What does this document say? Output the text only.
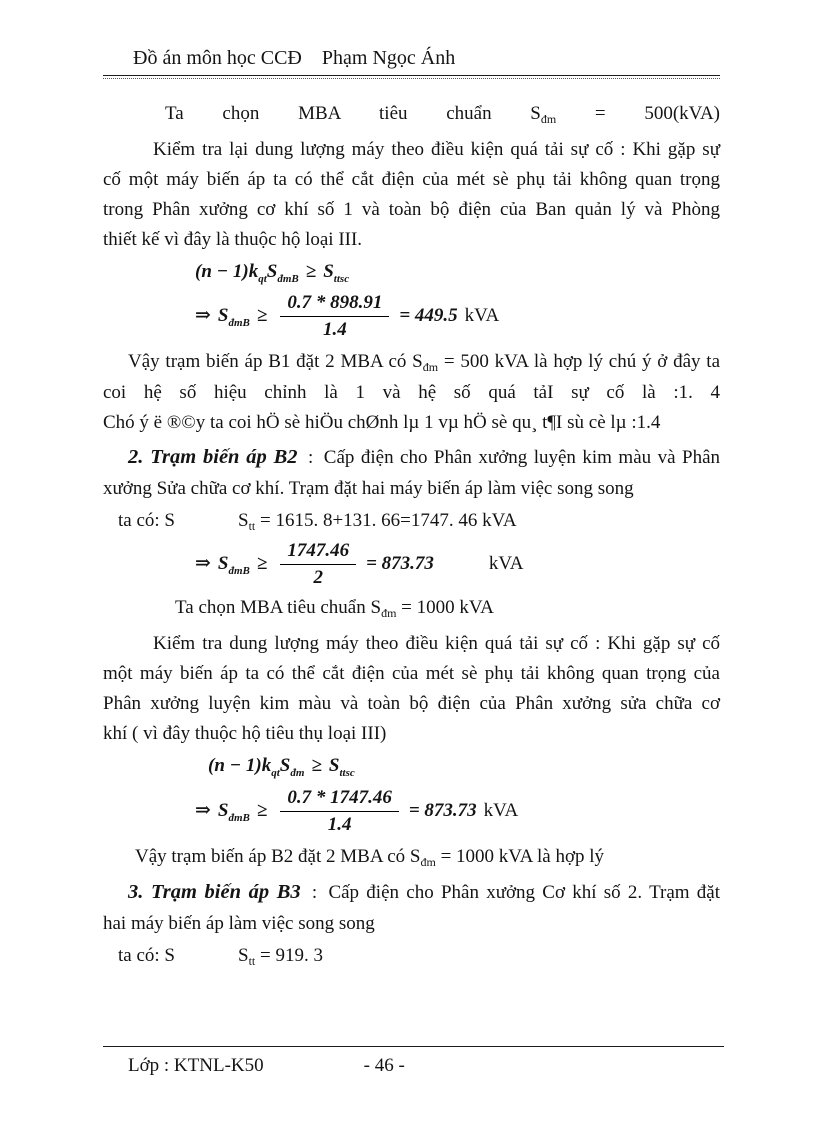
Đồ án môn học CCĐ Phạm Ngọc Ánh
Ta chọn MBA tiêu chuẩn $S_{đm} = 500(kVA)$
Kiểm tra lại dung lượng máy theo điều kiện quá tải sự cố : Khi gặp sự
cố một máy biến áp ta có thể cắt điện của mét sè phụ tải không quan trọng
trong Phân xưởng cơ khí số 1 và toàn bộ điện của Ban quản lý và Phòng
thiết kế vì đây là thuộc hộ loại III.
$(n - 1)k_{qt}S_{đmB} \ge S_{ttsc}$
⇒ $S_{đmB} \ge \frac{0.7 * 898.91}{1.4} = 449.5$ kVA
Vậy trạm biến áp B1 đặt 2 MBA có $S_{đm} = 500$ kVA là hợp lý chú ý ở đây ta
coi hệ số hiệu chỉnh là 1 và hệ số quá tảI sự cố là :1. 4
Chó ý ë ®©y ta coi hÖ sè hiÖu chØnh lµ 1 vµ hÖ sè qu¸ t¶I sù cè lµ :1.4
2. Trạm biến áp B2 : Cấp điện cho Phân xưởng luyện kim màu và Phân
xưởng Sửa chữa cơ khí. Trạm đặt hai máy biến áp làm việc song song
ta có: S	$S_{tt} = 1615$. 8+131. 66=1747. 46 kVA
⇒ $S_{đmB} \ge \frac{1747.46}{2} = 873.73$	kVA
Ta chọn MBA tiêu chuẩn $S_{đm} = 1000$ kVA
Kiểm tra dung lượng máy theo điều kiện quá tải sự cố : Khi gặp sự cố
một máy biến áp ta có thể cắt điện của mét sè phụ tải không quan trọng của
Phân xưởng luyện kim màu và toàn bộ điện của Phân xưởng sửa chữa cơ
khí ( vì đây thuộc hộ tiêu thụ loại III)
$(n - 1)k_{qt}S_{đm} \ge S_{ttsc}$
⇒ $S_{đmB} \ge \frac{0.7 * 1747.46}{1.4} = 873.73$ kVA
Vậy trạm biến áp B2 đặt 2 MBA có $S_{đm} = 1000$ kVA là hợp lý
3. Trạm biến áp B3 : Cấp điện cho Phân xưởng Cơ khí số 2. Trạm đặt
hai máy biến áp làm việc song song
ta có: S	$S_{tt} = 919$. 3
Lớp : KTNL-K50	- 46 -
